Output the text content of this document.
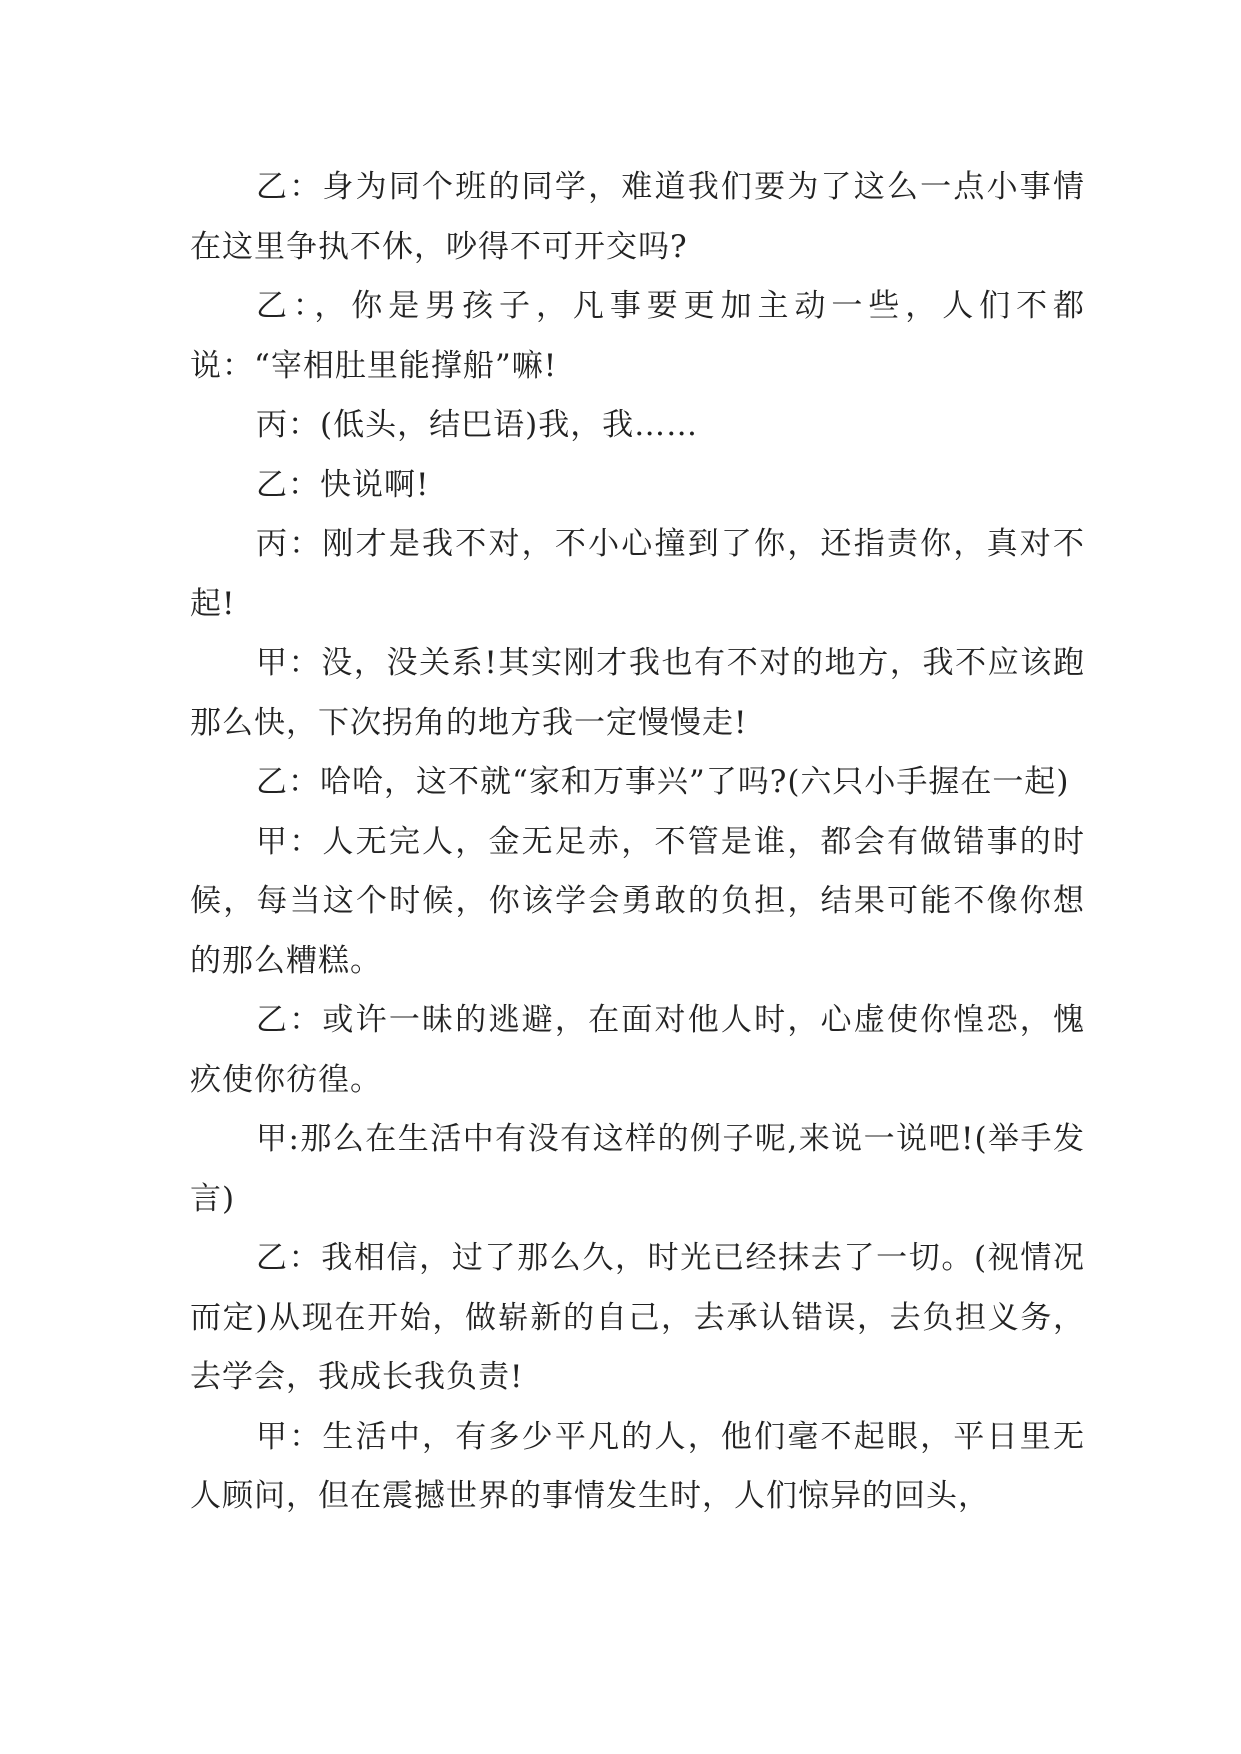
乙：身为同个班的同学，难道我们要为了这么一点小事情在这里争执不休，吵得不可开交吗?

乙：，你是男孩子，凡事要更加主动一些，人们不都说：“宰相肚里能撑船”嘛!

丙：(低头，结巴语)我，我……

乙：快说啊!

丙：刚才是我不对，不小心撞到了你，还指责你，真对不起!

甲：没，没关系!其实刚才我也有不对的地方，我不应该跑那么快，下次拐角的地方我一定慢慢走!

乙：哈哈，这不就“家和万事兴”了吗?(六只小手握在一起)

甲：人无完人，金无足赤，不管是谁，都会有做错事的时候，每当这个时候，你该学会勇敢的负担，结果可能不像你想的那么糟糕。

乙：或许一昧的逃避，在面对他人时，心虚使你惶恐，愧疚使你彷徨。

甲:那么在生活中有没有这样的例子呢,来说一说吧!(举手发言)

乙：我相信，过了那么久，时光已经抹去了一切。(视情况而定)从现在开始，做崭新的自己，去承认错误，去负担义务，去学会，我成长我负责!

甲：生活中，有多少平凡的人，他们毫不起眼，平日里无人顾问，但在震撼世界的事情发生时，人们惊异的回头，
